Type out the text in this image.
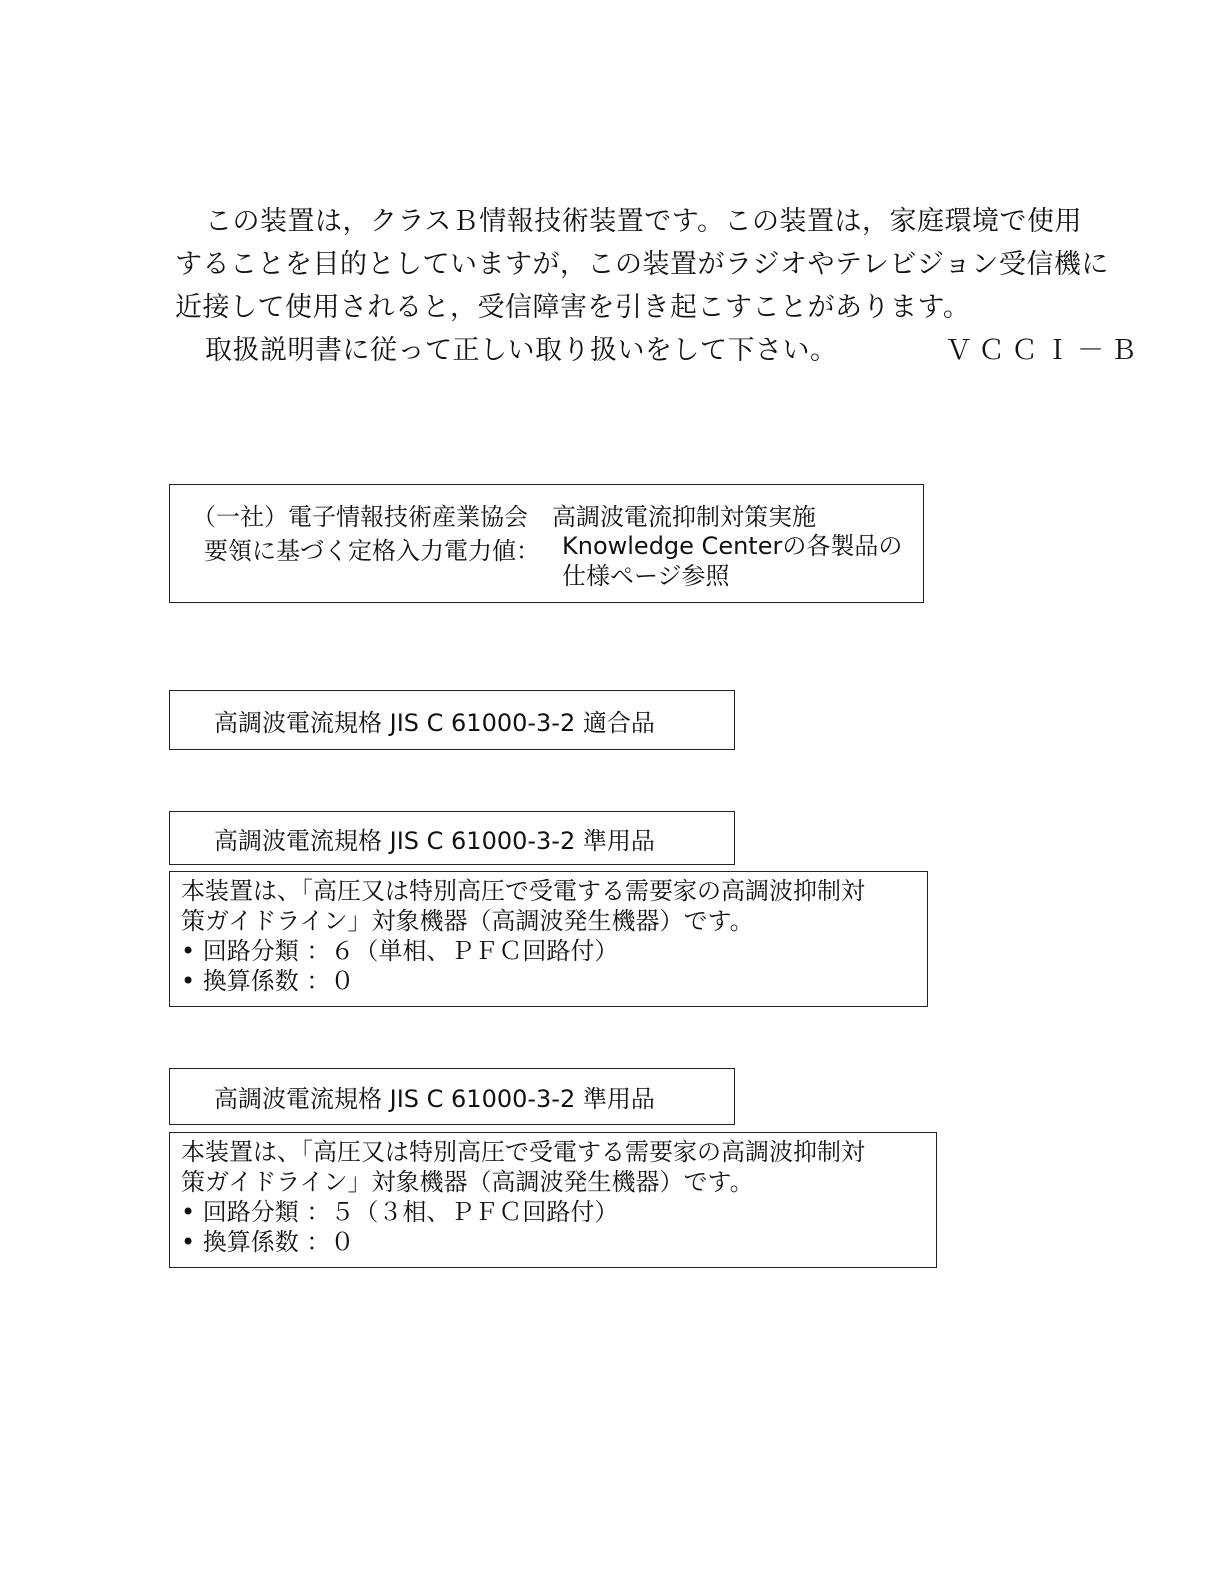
この装置は，クラスＢ情報技術装置です。この装置は，家庭環境で使用

することを目的としていますが，この装置がラジオやテレビジョン受信機に

近接して使用されると，受信障害を引き起こすことがあります。

取扱説明書に従って正しい取り扱いをして下さい。	ＶＣＣＩ－Ｂ

（一社）電子情報技術産業協会　高調波電流抑制対策実施
要領に基づく定格入力電力値： Knowledge Centerの各製品の仕様ページ参照
高調波電流規格 JIS C 61000-3-2 適合品
高調波電流規格 JIS C 61000-3-2 準用品

本装置は、「高圧又は特別高圧で受電する需要家の高調波抑制対

策ガイドライン」対象機器（高調波発生機器）です。

• 回路分類 ：６（単相、ＰＦＣ回路付）

• 換算係数 ：０

高調波電流規格 JIS C 61000-3-2 準用品

本装置は、「高圧又は特別高圧で受電する需要家の高調波抑制対

策ガイドライン」対象機器（高調波発生機器）です。

• 回路分類 ：５（３相、ＰＦＣ回路付）

• 換算係数 ：０
